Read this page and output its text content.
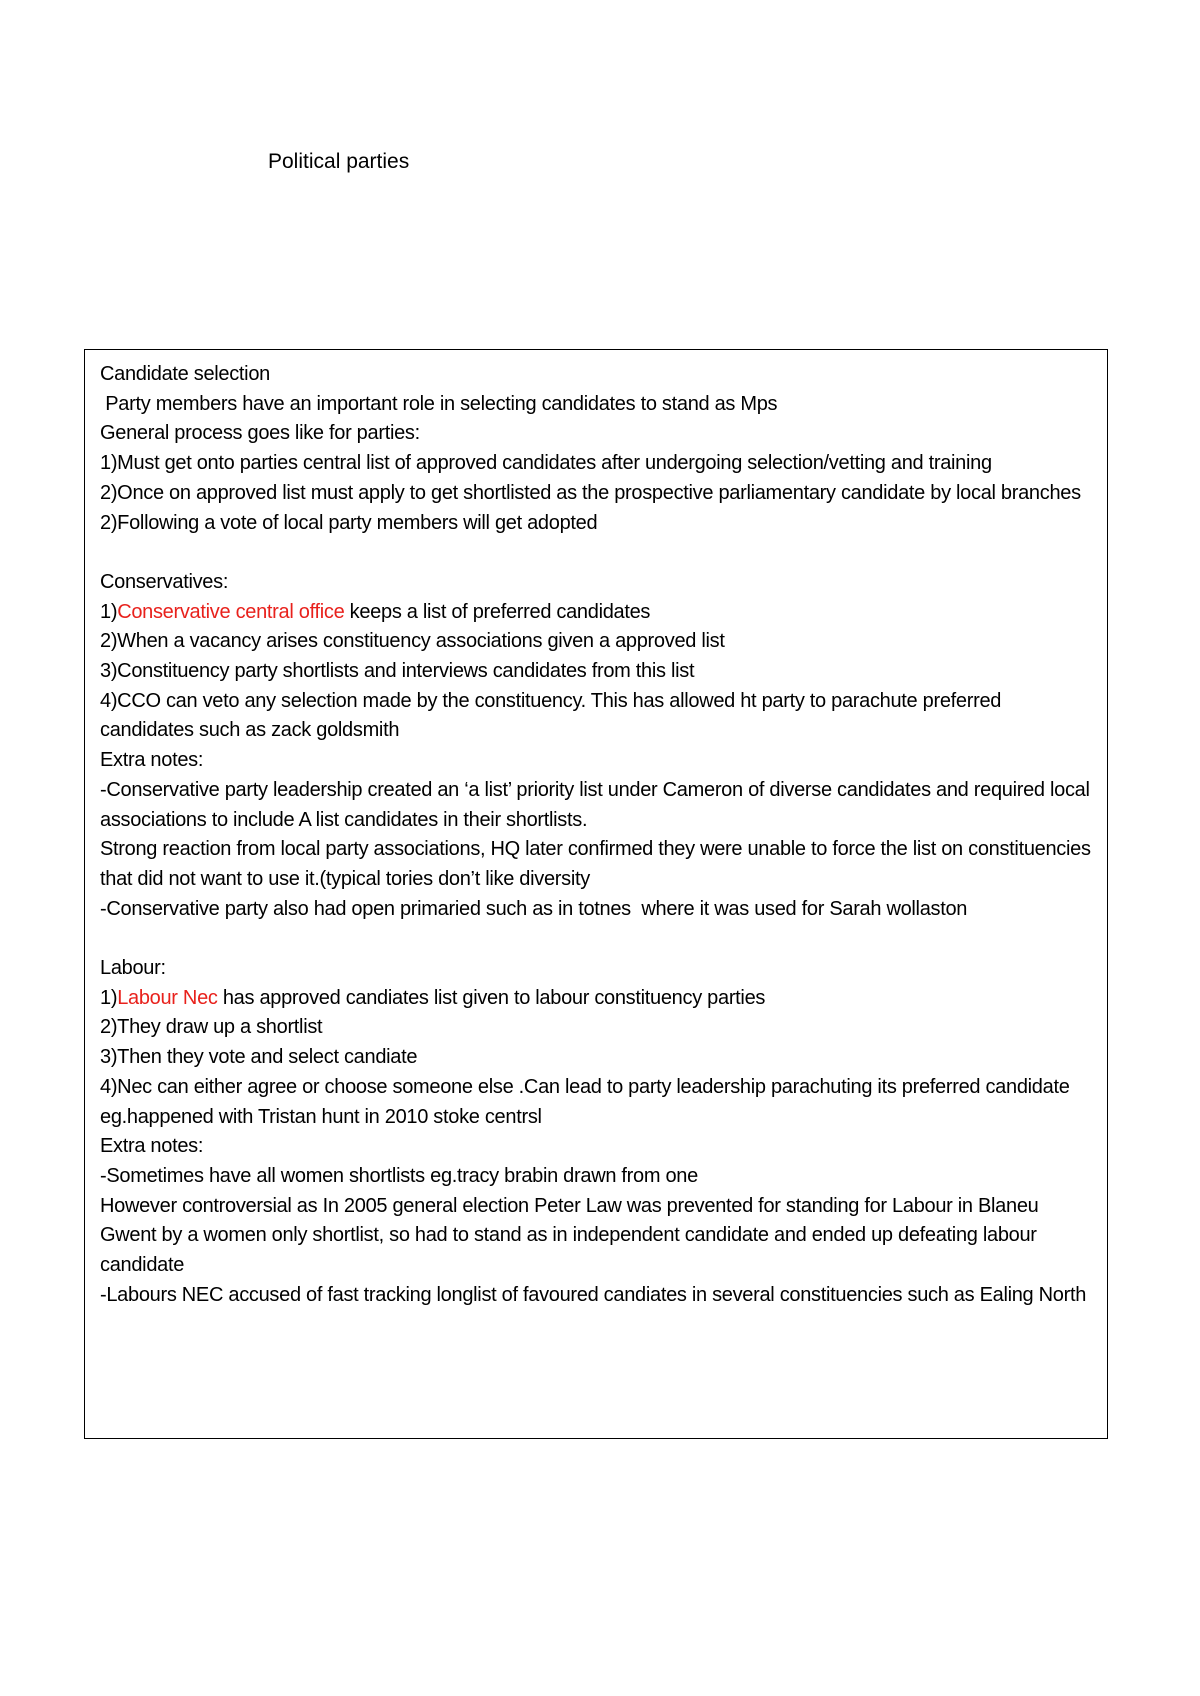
Political parties

Candidate selection

Party members have an important role in selecting candidates to stand as Mps

General process goes like for parties:

1)Must get onto parties central list of approved candidates after undergoing selection/vetting and training

2)Once on approved list must apply to get shortlisted as the prospective parliamentary candidate by local branches

2)Following a vote of local party members will get adopted

Conservatives:

1)Conservative central office keeps a list of preferred candidates

2)When a vacancy arises constituency associations given a approved list

3)Constituency party shortlists and interviews candidates from this list

4)CCO can veto any selection made by the constituency. This has allowed ht party to parachute preferred candidates such as zack goldsmith

Extra notes:

-Conservative party leadership created an ‘a list’ priority list under Cameron of diverse candidates and required local associations to include A list candidates in their shortlists.

Strong reaction from local party associations, HQ later confirmed they were unable to force the list on constituencies that did not want to use it.(typical tories don’t like diversity

-Conservative party also had open primaried such as in totnes  where it was used for Sarah wollaston

Labour:

1)Labour Nec has approved candiates list given to labour constituency parties

2)They draw up a shortlist

3)Then they vote and select candiate

4)Nec can either agree or choose someone else .Can lead to party leadership parachuting its preferred candidate eg.happened with Tristan hunt in 2010 stoke centrsl

Extra notes:

-Sometimes have all women shortlists eg.tracy brabin drawn from one

However controversial as In 2005 general election Peter Law was prevented for standing for Labour in Blaneu Gwent by a women only shortlist, so had to stand as in independent candidate and ended up defeating labour candidate

-Labours NEC accused of fast tracking longlist of favoured candiates in several constituencies such as Ealing North
